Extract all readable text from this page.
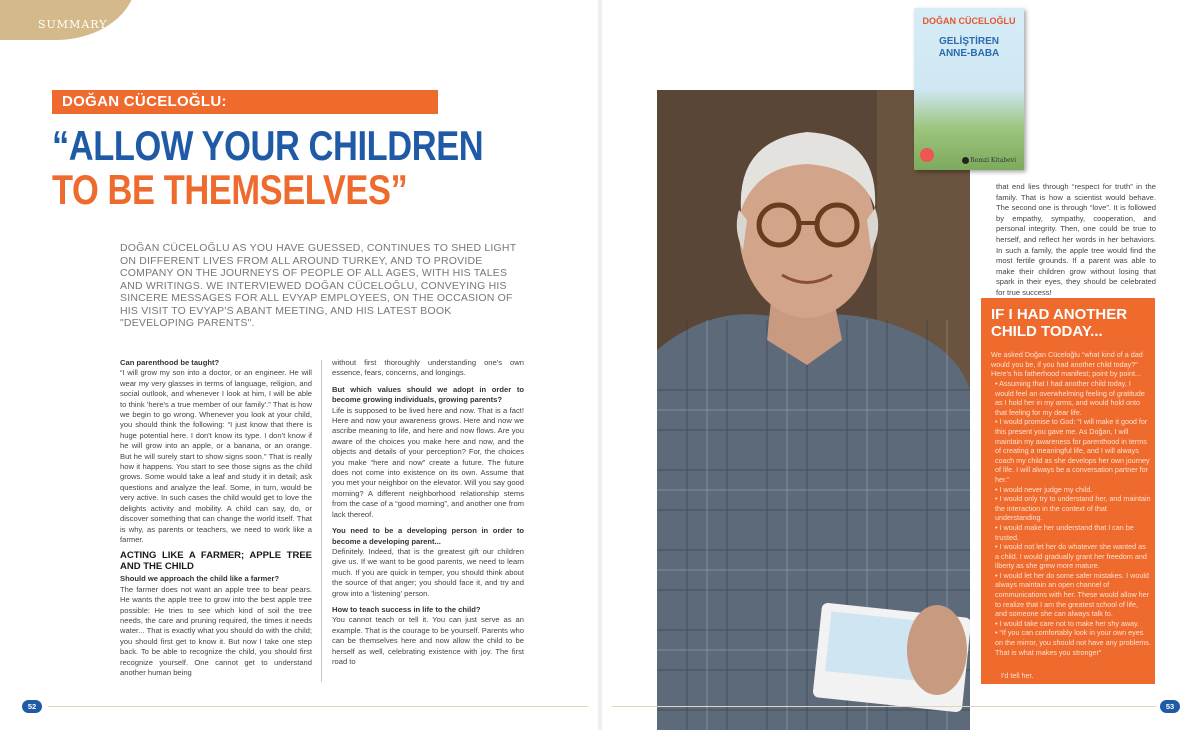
SUMMARY
DOĞAN CÜCELOĞLU:
“ALLOW YOUR CHILDREN
TO BE THEMSELVES”
DOĞAN CÜCELOĞLU AS YOU HAVE GUESSED, CONTINUES TO SHED LIGHT ON DIFFERENT LIVES FROM ALL AROUND TURKEY, AND TO PROVIDE COMPANY ON THE JOURNEYS OF PEOPLE OF ALL AGES, WITH HIS TALES AND WRITINGS. WE INTERVIEWED DOĞAN CÜCELOĞLU, CONVEYING HIS SINCERE MESSAGES FOR ALL EVYAP EMPLOYEES, ON THE OCCASION OF HIS VISIT TO EVYAP'S ABANT MEETING, AND HIS LATEST BOOK "DEVELOPING PARENTS".
Can parenthood be taught?

“I will grow my son into a doctor, or an engineer. He will wear my very glasses in terms of language, religion, and social outlook, and whenever I look at him, I will be able to think 'here's a true member of our family'.” That is how we begin to go wrong. Whenever you look at your child, you should think the following: “I just know that there is huge potential here. I don't know its type. I don't know if he will grow into an apple, or a banana, or an orange. But he will surely start to show signs soon.” That is really how it happens. You start to see those signs as the child grows. Some would take a leaf and study it in detail; ask questions and analyze the leaf. Some, in turn, would be very active. In such cases the child would get to love the delights activity and mobility. A child can say, do, or discover something that can change the world itself. That is why, as parents or teachers, we need to work like a farmer.

ACTING LIKE A FARMER; APPLE TREE AND THE CHILD
Should we approach the child like a farmer?

The farmer does not want an apple tree to bear pears. He wants the apple tree to grow into the best apple tree possible: He tries to see which kind of soil the tree needs, the care and pruning required, the times it needs water... That is exactly what you should do with the child; you should first get to know it. But now I take one step back. To be able to recognize the child, you should first recognize yourself. One cannot get to understand another human being

without first thoroughly understanding one's own essence, fears, concerns, and longings.

But which values should we adopt in order to become growing individuals, growing parents?

Life is supposed to be lived here and now. That is a fact! Here and now your awareness grows. Here and now we ascribe meaning to life, and here and now flows. Are you aware of the choices you make here and now, and the objects and details of your perception? For, the choices you make “here and now” create a future. The future does not come into existence on its own. Assume that you met your neighbor on the elevator. Will you say good morning? A different neighborhood relationship stems from the case of a “good morning”, and another one from lack thereof.

You need to be a developing person in order to become a developing parent...

Definitely. Indeed, that is the greatest gift our children give us. If we want to be good parents, we need to learn much. If you are quick in temper, you should think about the source of that anger; you should face it, and try and grow into a 'listening' person.

How to teach success in life to the child?

You cannot teach or tell it. You can just serve as an example. That is the courage to be yourself. Parents who can be themselves here and now allow the child to be herself as well, celebrating existence with joy. The first road to

DOĞAN CÜCELOĞLU
GELİŞTİREN
ANNE-BABA
Remzi Kitabevi
that end lies through “respect for truth” in the family. That is how a scientist would behave. The second one is through “love”. It is followed by empathy, sympathy, cooperation, and personal integrity. Then, one could be true to herself, and reflect her words in her behaviors. In such a family, the apple tree would find the most fertile grounds. If a parent was able to make their children grow without losing that spark in their eyes, they should be celebrated for true success!
IF I HAD ANOTHER CHILD TODAY...
We asked Doğan Cüceloğlu “what kind of a dad would you be, if you had another child today?” Here's his fatherhood manifest; point by point...
• Assuming that I had another child today, I would feel an overwhelming feeling of gratitude as I hold her in my arms, and would hold onto that feeling for my dear life.
• I would promise to God: “I will make it good for this present you gave me. As Doğan, I will maintain my awareness for parenthood in terms of creating a meaningful life, and I will always coach my child as she develops her own journey of life. I will always be a conversation partner for her.”
• I would never judge my child.
• I would only try to understand her, and maintain the interaction in the context of that understanding.
• I would make her understand that I can be trusted.
• I would not let her do whatever she wanted as a child. I would gradually grant her freedom and liberty as she grew more mature.
• I would let her do some safer mistakes. I would always maintain an open channel of communications with her. These would allow her to realize that I am the greatest school of life, and someone she can always talk to.
• I would take care not to make her shy away.
• “If you can comfortably look in your own eyes on the mirror, you should not have any problems. That is what makes you stronger”
I'd tell her.
52	53
